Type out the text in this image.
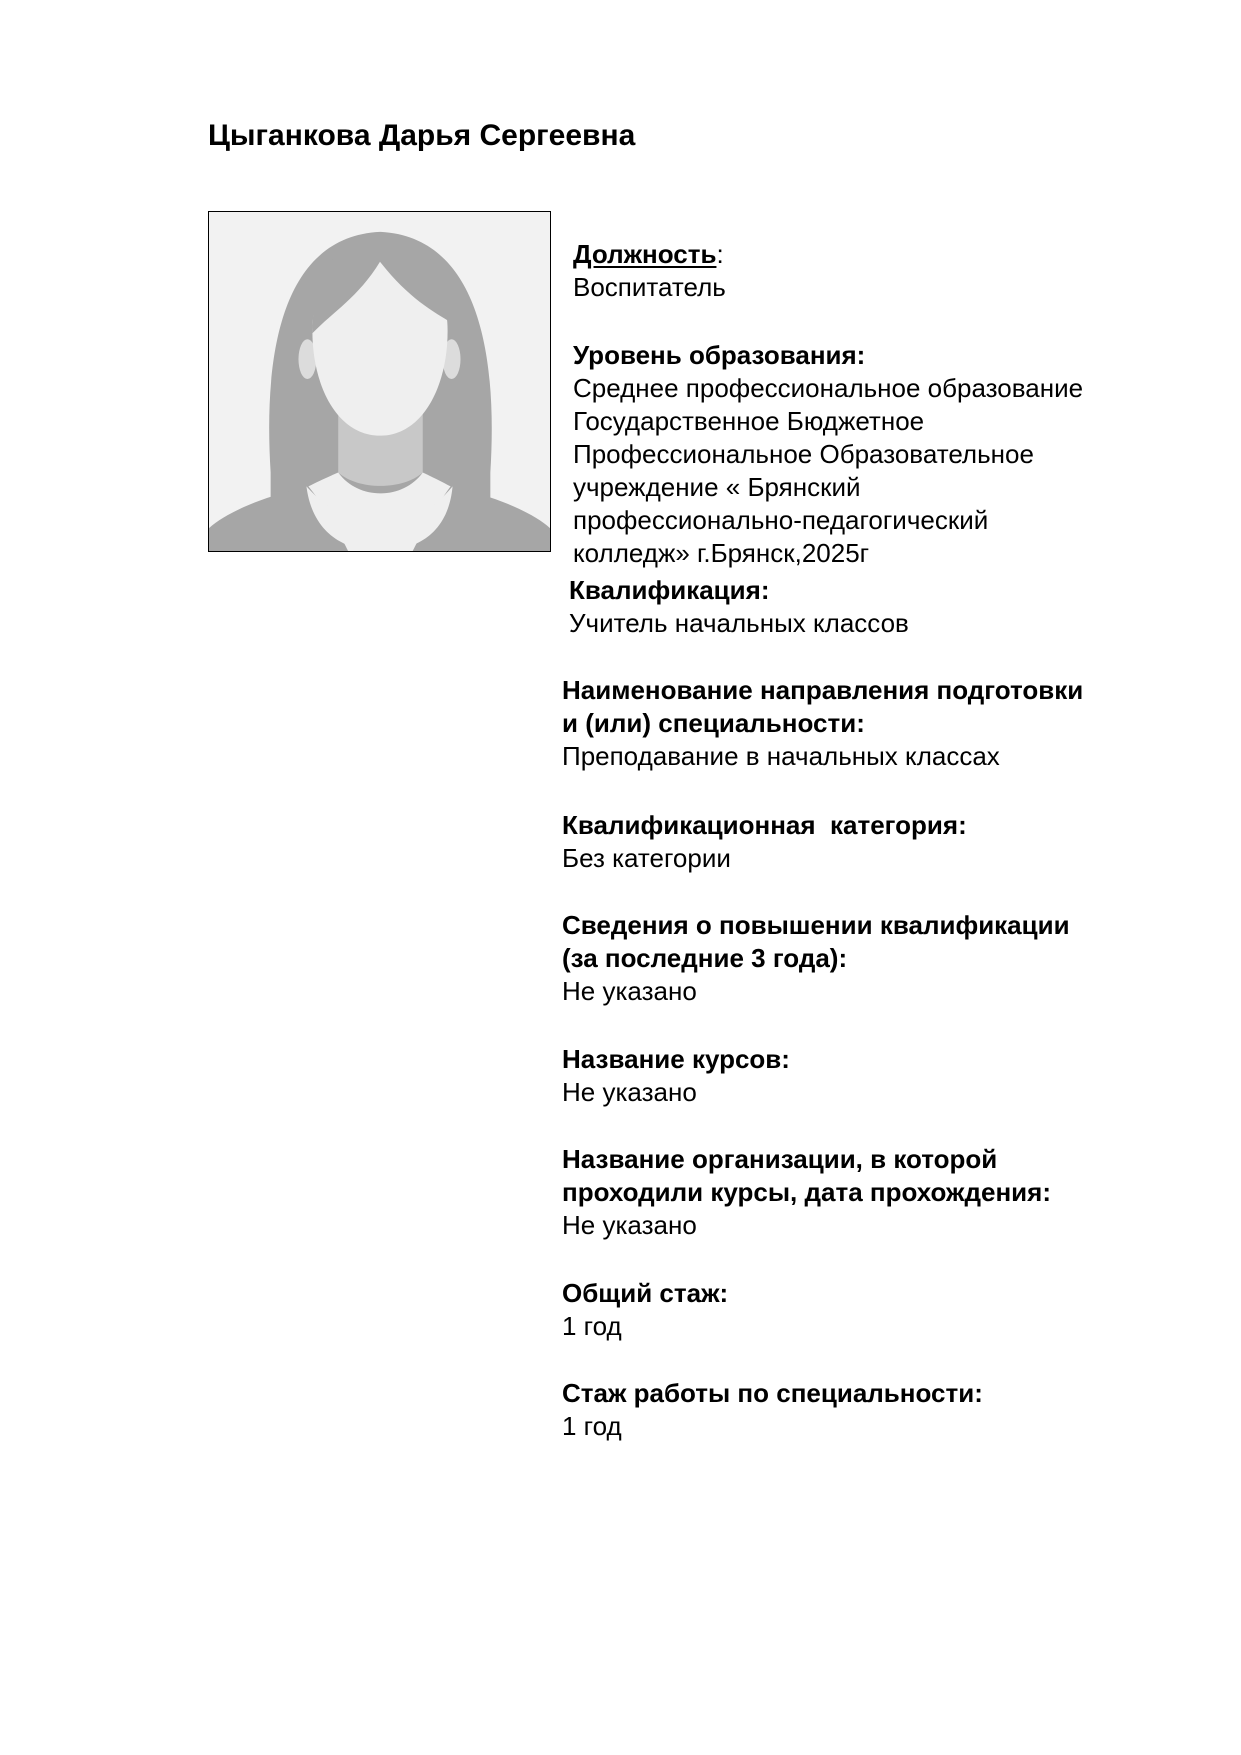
Цыганкова Дарья Сергеевна
Должность:
Воспитатель
Уровень образования:
Среднее профессиональное образование
Государственное Бюджетное
Профессиональное Образовательное
учреждение « Брянский
профессионально-педагогический
колледж» г.Брянск,2025г
Квалификация:
Учитель начальных классов
Наименование направления подготовки
и (или) специальности:
Преподавание в начальных классах
Квалификационная  категория:
Без категории
Сведения о повышении квалификации
(за последние 3 года):
Не указано
Название курсов:
Не указано
Название организации, в которой
проходили курсы, дата прохождения:
Не указано
Общий стаж:
1 год
Стаж работы по специальности:
1 год
